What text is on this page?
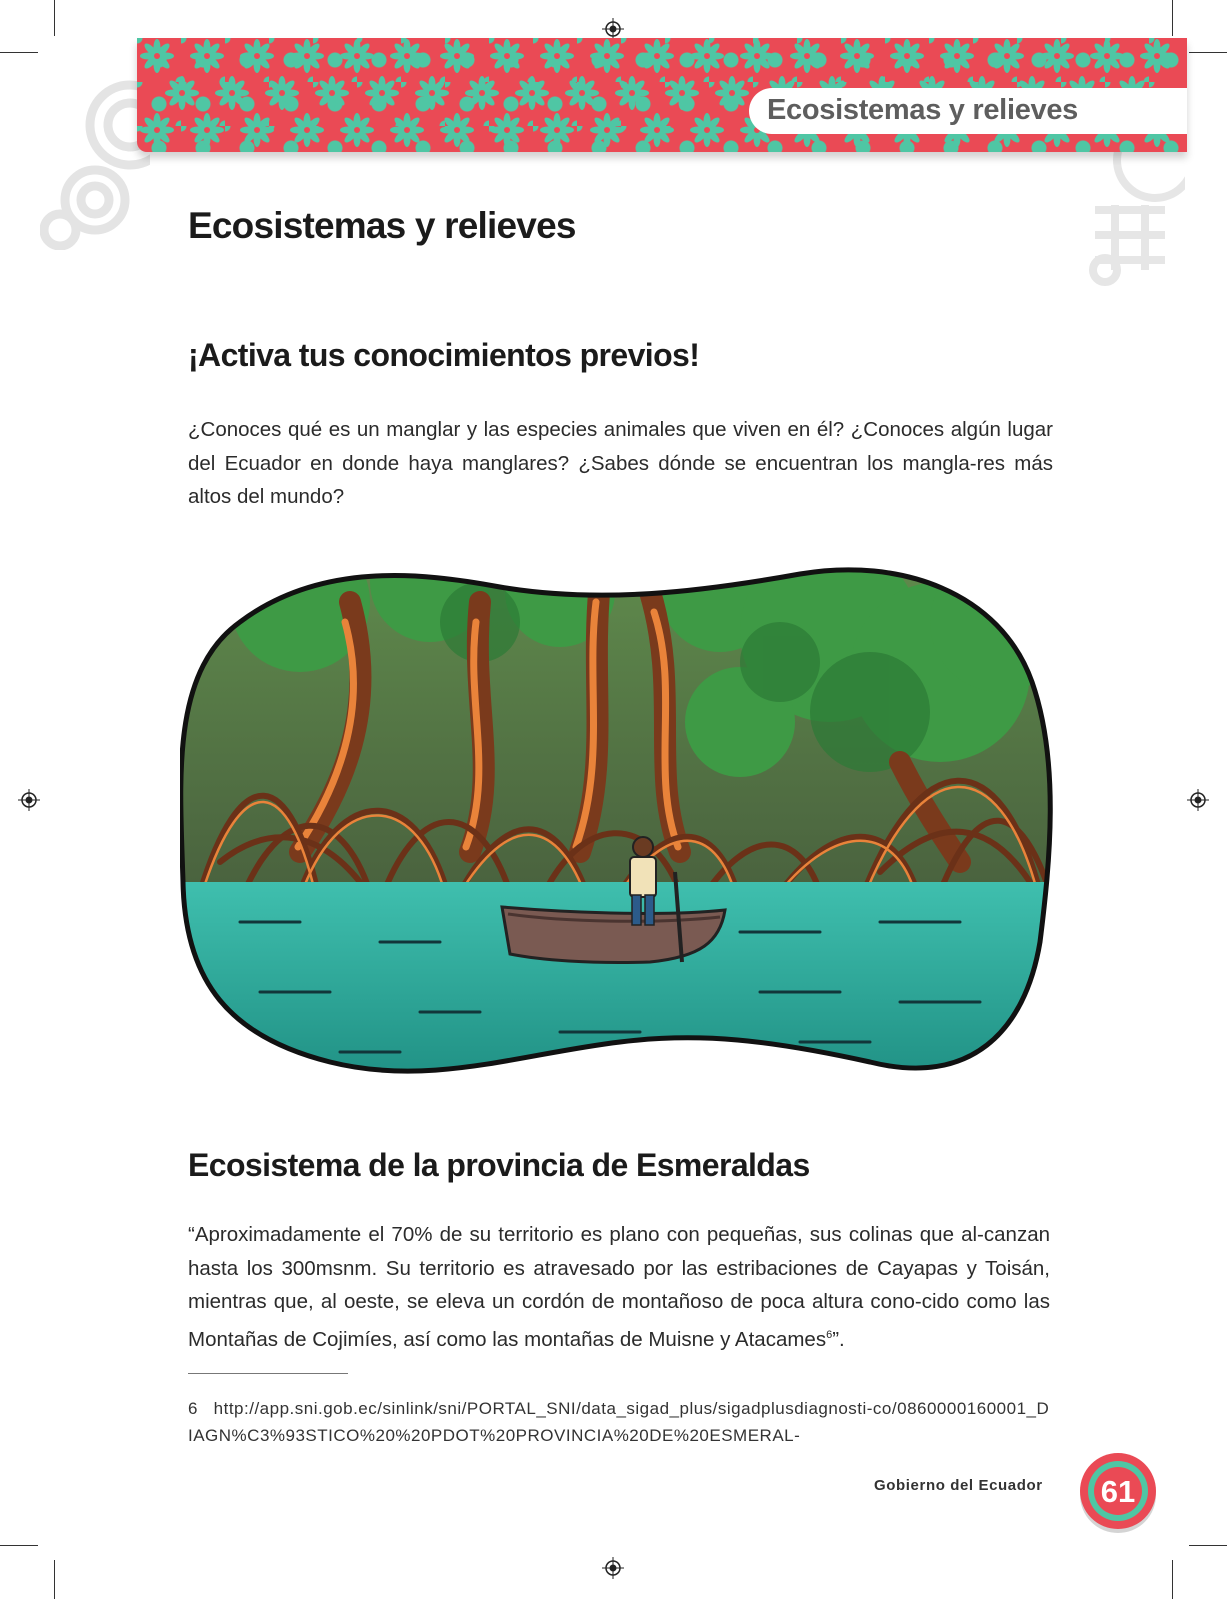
Ecosistemas y relieves
Ecosistemas y relieves
¡Activa tus conocimientos previos!

¿Conoces qué es un manglar y las especies animales que viven en él? ¿Conoces algún lugar del Ecuador en donde haya manglares? ¿Sabes dónde se encuentran los mangla-res más altos del mundo?

Ecosistema de la provincia de Esmeraldas

“Aproximadamente el 70% de su territorio es plano con pequeñas, sus colinas que al-canzan hasta los 300msnm. Su territorio es atravesado por las estribaciones de Cayapas y Toisán, mientras que, al oeste, se eleva un cordón de montañoso de poca altura cono-cido como las Montañas de Cojimíes, así como las montañas de Muisne y Atacames$^6$”.

6 http://app.sni.gob.ec/sinlink/sni/PORTAL_SNI/data_sigad_plus/sigadplusdiagnosti-co/0860000160001_DIAGN%C3%93STICO%20%20PDOT%20PROVINCIA%20DE%20ESMERAL-
Gobierno del Ecuador	61
